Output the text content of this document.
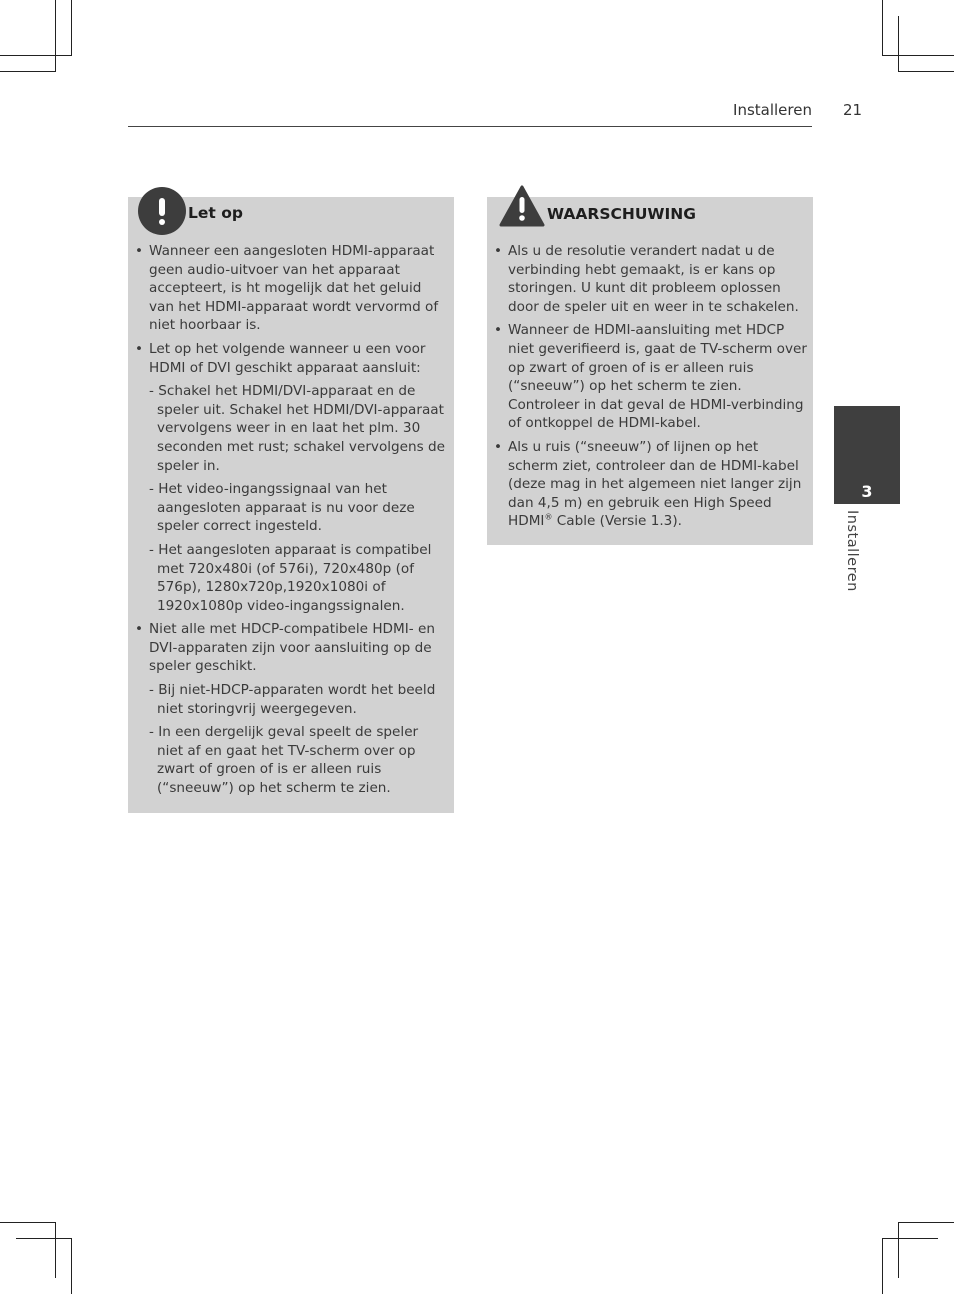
Installeren 21
Let op
• Wanneer een aangesloten HDMI-apparaat geen audio-uitvoer van het apparaat accepteert, is ht mogelijk dat het geluid van het HDMI-apparaat wordt vervormd of niet hoorbaar is.
• Let op het volgende wanneer u een voor HDMI of DVI geschikt apparaat aansluit:
- Schakel het HDMI/DVI-apparaat en de speler uit. Schakel het HDMI/DVI-apparaat vervolgens weer in en laat het plm. 30 seconden met rust; schakel vervolgens de speler in.
- Het video-ingangssignaal van het aangesloten apparaat is nu voor deze speler correct ingesteld.
- Het aangesloten apparaat is compatibel met 720x480i (of 576i), 720x480p (of 576p), 1280x720p,1920x1080i of 1920x1080p video-ingangssignalen.
• Niet alle met HDCP-compatibele HDMI- en DVI-apparaten zijn voor aansluiting op de speler geschikt.
- Bij niet-HDCP-apparaten wordt het beeld niet storingvrij weergegeven.
- In een dergelijk geval speelt de speler niet af en gaat het TV-scherm over op zwart of groen of is er alleen ruis (“sneeuw”) op het scherm te zien.
WAARSCHUWING
• Als u de resolutie verandert nadat u de verbinding hebt gemaakt, is er kans op storingen. U kunt dit probleem oplossen door de speler uit en weer in te schakelen.
• Wanneer de HDMI-aansluiting met HDCP niet geverifieerd is, gaat de TV-scherm over op zwart of groen of is er alleen ruis (“sneeuw”) op het scherm te zien. Controleer in dat geval de HDMI-verbinding of ontkoppel de HDMI-kabel.
• Als u ruis (“sneeuw”) of lijnen op het scherm ziet, controleer dan de HDMI-kabel (deze mag in het algemeen niet langer zijn dan 4,5 m) en gebruik een High Speed HDMI® Cable (Versie 1.3).
3
Installeren
